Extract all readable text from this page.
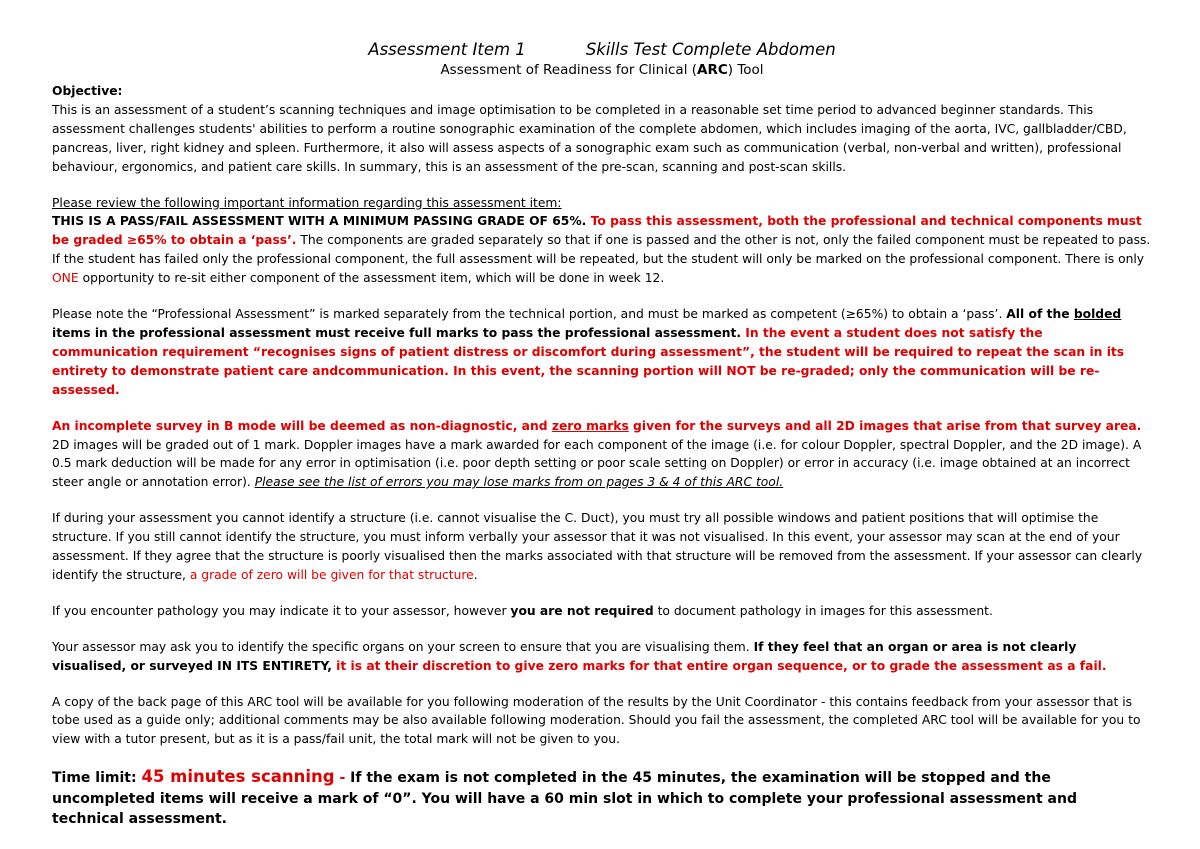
Assessment Item 1	Skills Test Complete Abdomen
Assessment of Readiness for Clinical (ARC) Tool

Objective:

This is an assessment of a student’s scanning techniques and image optimisation to be completed in a reasonable set time period to advanced beginner standards. This assessment challenges students' abilities to perform a routine sonographic examination of the complete abdomen, which includes imaging of the aorta, IVC, gallbladder/CBD, pancreas, liver, right kidney and spleen. Furthermore, it also will assess aspects of a sonographic exam such as communication (verbal, non-verbal and written), professional behaviour, ergonomics, and patient care skills. In summary, this is an assessment of the pre-scan, scanning and post-scan skills.

Please review the following important information regarding this assessment item:

THIS IS A PASS/FAIL ASSESSMENT WITH A MINIMUM PASSING GRADE OF 65%. To pass this assessment, both the professional and technical components must be graded ≥65% to obtain a ‘pass’. The components are graded separately so that if one is passed and the other is not, only the failed component must be repeated to pass. If the student has failed only the professional component, the full assessment will be repeated, but the student will only be marked on the professional component. There is only ONE opportunity to re-sit either component of the assessment item, which will be done in week 12.

Please note the “Professional Assessment” is marked separately from the technical portion, and must be marked as competent (≥65%) to obtain a ‘pass’. All of the bolded items in the professional assessment must receive full marks to pass the professional assessment. In the event a student does not satisfy the communication requirement “recognises signs of patient distress or discomfort during assessment”, the student will be required to repeat the scan in its entirety to demonstrate patient care andcommunication. In this event, the scanning portion will NOT be re-graded; only the communication will be re-assessed.

An incomplete survey in B mode will be deemed as non-diagnostic, and zero marks given for the surveys and all 2D images that arise from that survey area. 2D images will be graded out of 1 mark. Doppler images have a mark awarded for each component of the image (i.e. for colour Doppler, spectral Doppler, and the 2D image). A 0.5 mark deduction will be made for any error in optimisation (i.e. poor depth setting or poor scale setting on Doppler) or error in accuracy (i.e. image obtained at an incorrect steer angle or annotation error). Please see the list of errors you may lose marks from on pages 3 & 4 of this ARC tool.

If during your assessment you cannot identify a structure (i.e. cannot visualise the C. Duct), you must try all possible windows and patient positions that will optimise the structure. If you still cannot identify the structure, you must inform verbally your assessor that it was not visualised. In this event, your assessor may scan at the end of your assessment. If they agree that the structure is poorly visualised then the marks associated with that structure will be removed from the assessment. If your assessor can clearly identify the structure, a grade of zero will be given for that structure.

If you encounter pathology you may indicate it to your assessor, however you are not required to document pathology in images for this assessment.

Your assessor may ask you to identify the specific organs on your screen to ensure that you are visualising them. If they feel that an organ or area is not clearly visualised, or surveyed IN ITS ENTIRETY, it is at their discretion to give zero marks for that entire organ sequence, or to grade the assessment as a fail.

A copy of the back page of this ARC tool will be available for you following moderation of the results by the Unit Coordinator - this contains feedback from your assessor that is tobe used as a guide only; additional comments may be also available following moderation. Should you fail the assessment, the completed ARC tool will be available for you to view with a tutor present, but as it is a pass/fail unit, the total mark will not be given to you.

Time limit: 45 minutes scanning - If the exam is not completed in the 45 minutes, the examination will be stopped and the uncompleted items will receive a mark of “0”. You will have a 60 min slot in which to complete your professional assessment and technical assessment.
